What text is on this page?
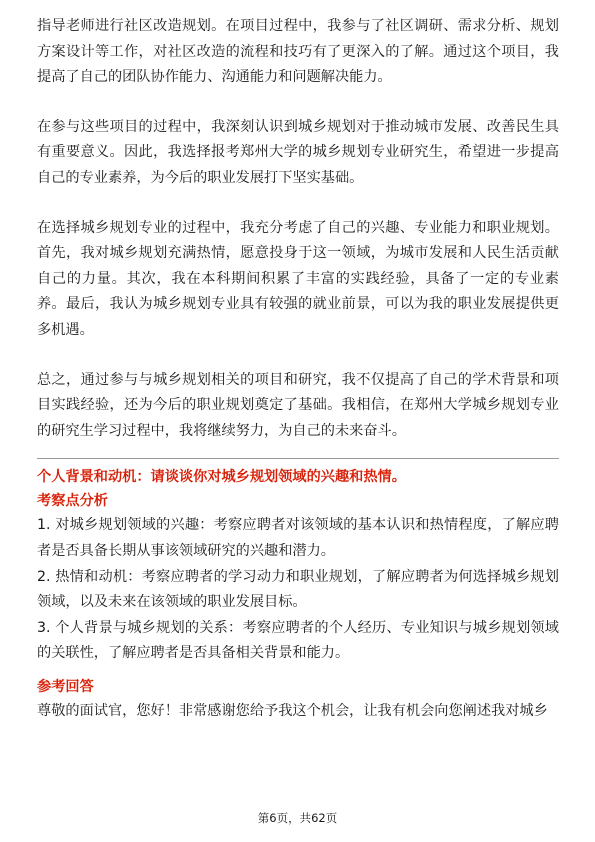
指导老师进行社区改造规划。在项目过程中，我参与了社区调研、需求分析、规划方案设计等工作，对社区改造的流程和技巧有了更深入的了解。通过这个项目，我提高了自己的团队协作能力、沟通能力和问题解决能力。

在参与这些项目的过程中，我深刻认识到城乡规划对于推动城市发展、改善民生具有重要意义。因此，我选择报考郑州大学的城乡规划专业研究生，希望进一步提高自己的专业素养，为今后的职业发展打下坚实基础。

在选择城乡规划专业的过程中，我充分考虑了自己的兴趣、专业能力和职业规划。首先，我对城乡规划充满热情，愿意投身于这一领域，为城市发展和人民生活贡献自己的力量。其次，我在本科期间积累了丰富的实践经验，具备了一定的专业素养。最后，我认为城乡规划专业具有较强的就业前景，可以为我的职业发展提供更多机遇。

总之，通过参与与城乡规划相关的项目和研究，我不仅提高了自己的学术背景和项目实践经验，还为今后的职业规划奠定了基础。我相信，在郑州大学城乡规划专业的研究生学习过程中，我将继续努力，为自己的未来奋斗。

个人背景和动机：请谈谈你对城乡规划领域的兴趣和热情。

考察点分析

1. 对城乡规划领域的兴趣：考察应聘者对该领域的基本认识和热情程度，了解应聘者是否具备长期从事该领域研究的兴趣和潜力。

2. 热情和动机：考察应聘者的学习动力和职业规划，了解应聘者为何选择城乡规划领域，以及未来在该领域的职业发展目标。

3. 个人背景与城乡规划的关系：考察应聘者的个人经历、专业知识与城乡规划领域的关联性，了解应聘者是否具备相关背景和能力。

参考回答

尊敬的面试官，您好！非常感谢您给予我这个机会，让我有机会向您阐述我对城乡

第6页，共62页
